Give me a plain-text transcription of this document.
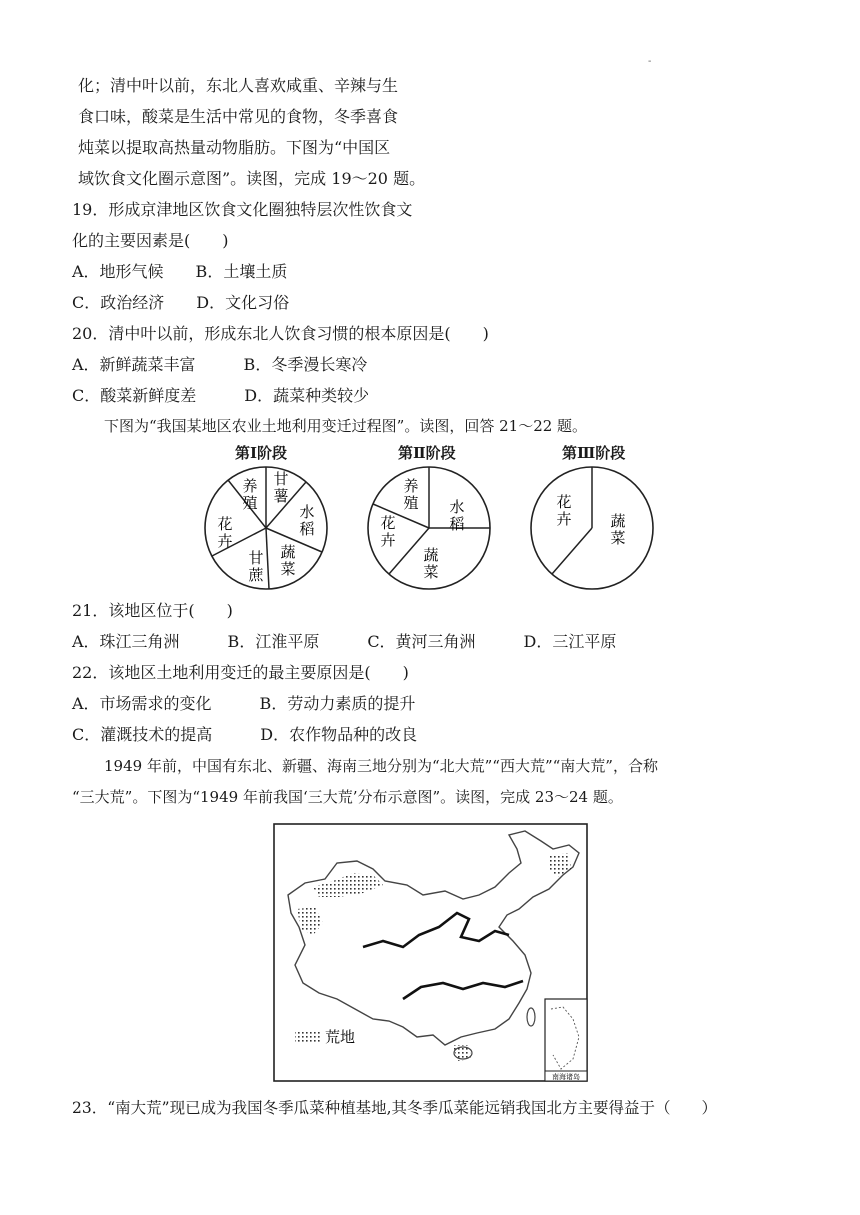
-
化；清中叶以前，东北人喜欢咸重、辛辣与生
食口味，酸菜是生活中常见的食物，冬季喜食
炖菜以提取高热量动物脂肪。下图为“中国区
域饮食文化圈示意图”。读图，完成 19～20 题。
19．形成京津地区饮食文化圈独特层次性饮食文
化的主要因素是(　　)
A．地形气候　　B．土壤土质
C．政治经济　　D．文化习俗
20．清中叶以前，形成东北人饮食习惯的根本原因是(　　)
A．新鲜蔬菜丰富　　　B．冬季漫长寒冷
C．酸菜新鲜度差　　　D．蔬菜种类较少
下图为“我国某地区农业土地利用变迁过程图”。读图，回答 21～22 题。
第Ⅰ阶段	第Ⅱ阶段	第Ⅲ阶段
养
殖
甘
薯
水
稻
蔬
菜
甘
蔗
花
卉
养
殖 水
稻
蔬
菜
花
卉
花
卉	蔬
菜
21．该地区位于(　　)
A．珠江三角洲　　　B．江淮平原　　　C．黄河三角洲　　　D．三江平原
22．该地区土地利用变迁的最主要原因是(　　)
A．市场需求的变化　　　B．劳动力素质的提升
C．灌溉技术的提高　　　D．农作物品种的改良
1949 年前，中国有东北、新疆、海南三地分别为“北大荒”“西大荒”“南大荒”，合称
“三大荒”。下图为“1949 年前我国‘三大荒’分布示意图”。读图，完成 23～24 题。
荒地
南海诸岛
23．“南大荒”现已成为我国冬季瓜菜种植基地,其冬季瓜菜能远销我国北方主要得益于（　　）
